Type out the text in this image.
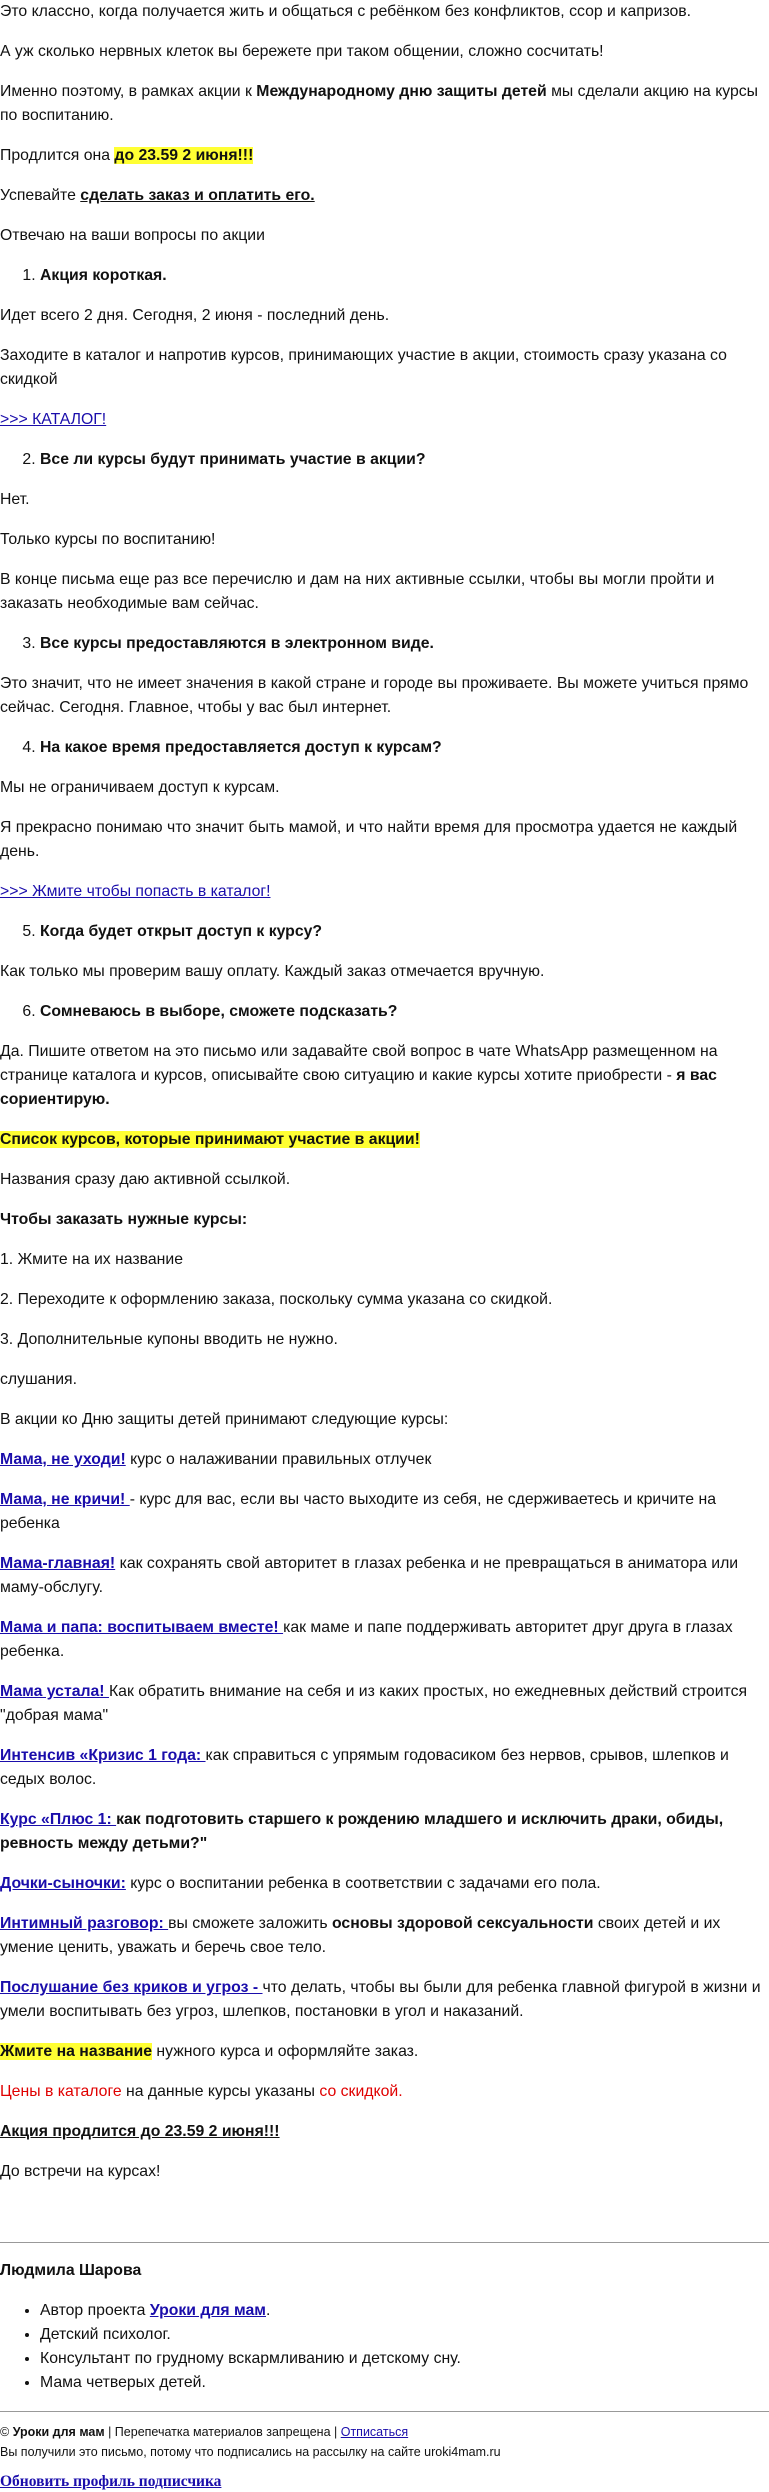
Это классно, когда получается жить и общаться с ребёнком без конфликтов, ссор и капризов.

А уж сколько нервных клеток вы бережете при таком общении, сложно сосчитать!

Именно поэтому, в рамках акции к Международному дню защиты детей мы сделали акцию на курсы по воспитанию.

Продлится она до 23.59 2 июня!!!

Успевайте сделать заказ и оплатить его.

Отвечаю на ваши вопросы по акции

1. Акция короткая.

Идет всего 2 дня. Сегодня, 2 июня - последний день.

Заходите в каталог и напротив курсов, принимающих участие в акции, стоимость сразу указана со скидкой

>>> КАТАЛОГ!

2. Все ли курсы будут принимать участие в акции?

Нет.

Только курсы по воспитанию!

В конце письма еще раз все перечислю и дам на них активные ссылки, чтобы вы могли пройти и заказать необходимые вам сейчас.

3. Все курсы предоставляются в электронном виде.

Это значит, что не имеет значения в какой стране и городе вы проживаете. Вы можете учиться прямо сейчас. Сегодня. Главное, чтобы у вас был интернет.

4. На какое время предоставляется доступ к курсам?

Мы не ограничиваем доступ к курсам.

Я прекрасно понимаю что значит быть мамой, и что найти время для просмотра удается не каждый день.

>>> Жмите чтобы попасть в каталог!

5. Когда будет открыт доступ к курсу?

Как только мы проверим вашу оплату. Каждый заказ отмечается вручную.

6. Сомневаюсь в выборе, сможете подсказать?

Да. Пишите ответом на это письмо или задавайте свой вопрос в чате WhatsApp размещенном на странице каталога и курсов, описывайте свою ситуацию и какие курсы хотите приобрести - я вас сориентирую.

Список курсов, которые принимают участие в акции!

Названия сразу даю активной ссылкой.

Чтобы заказать нужные курсы:

1. Жмите на их название

2. Переходите к оформлению заказа, поскольку сумма указана со скидкой.

3. Дополнительные купоны вводить не нужно.

слушания.

В акции ко Дню защиты детей принимают следующие курсы:

Мама, не уходи! курс о налаживании правильных отлучек

Мама, не кричи! - курс для вас, если вы часто выходите из себя, не сдерживаетесь и кричите на ребенка

Мама-главная! как сохранять свой авторитет в глазах ребенка и не превращаться в аниматора или маму-обслугу.

Мама и папа: воспитываем вместе! как маме и папе поддерживать авторитет друг друга в глазах ребенка.

Мама устала! Как обратить внимание на себя и из каких простых, но ежедневных действий строится "добрая мама"

Интенсив «Кризис 1 года: как справиться с упрямым годовасиком без нервов, срывов, шлепков и седых волос.

Курс «Плюс 1: как подготовить старшего к рождению младшего и исключить драки, обиды, ревность между детьми?"

Дочки-сыночки: курс о воспитании ребенка в соответствии с задачами его пола.

Интимный разговор: вы сможете заложить основы здоровой сексуальности своих детей и их умение ценить, уважать и беречь свое тело.

Послушание без криков и угроз - что делать, чтобы вы были для ребенка главной фигурой в жизни и умели воспитывать без угроз, шлепков, постановки в угол и наказаний.

Жмите на название нужного курса и оформляйте заказ.

Цены в каталоге на данные курсы указаны со скидкой.

Акция продлится до 23.59 2 июня!!!

До встречи на курсах!

Людмила Шарова

• Автор проекта Уроки для мам.
• Детский психолог.
• Консультант по грудному вскармливанию и детскому сну.
• Мама четверых детей.

© Уроки для мам | Перепечатка материалов запрещена | Отписаться

Вы получили это письмо, потому что подписались на рассылку на сайте uroki4mam.ru

Обновить профиль подписчика
